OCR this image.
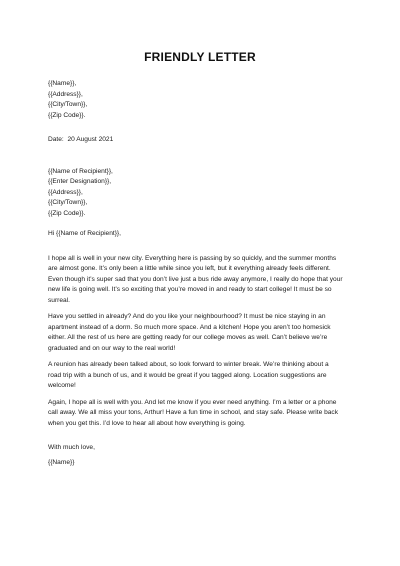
FRIENDLY LETTER
{{Name}},
{{Address}},
{{City/Town}},
{{Zip Code}}.
Date: 20 August 2021
{{Name of Recipient}},
{{Enter Designation}},
{{Address}},
{{City/Town}},
{{Zip Code}}.
Hi {{Name of Recipient}},
I hope all is well in your new city. Everything here is passing by so quickly, and the summer months
are almost gone. It’s only been a little while since you left, but it everything already feels different.
Even though it’s super sad that you don’t live just a bus ride away anymore, I really do hope that your
new life is going well. It’s so exciting that you’re moved in and ready to start college! It must be so
surreal.
Have you settled in already? And do you like your neighbourhood? It must be nice staying in an
apartment instead of a dorm. So much more space. And a kitchen! Hope you aren’t too homesick
either. All the rest of us here are getting ready for our college moves as well. Can’t believe we’re
graduated and on our way to the real world!
A reunion has already been talked about, so look forward to winter break. We’re thinking about a
road trip with a bunch of us, and it would be great if you tagged along. Location suggestions are
welcome!
Again, I hope all is well with you. And let me know if you ever need anything. I’m a letter or a phone
call away. We all miss your tons, Arthur! Have a fun time in school, and stay safe. Please write back
when you get this. I’d love to hear all about how everything is going.
With much love,
{{Name}}
